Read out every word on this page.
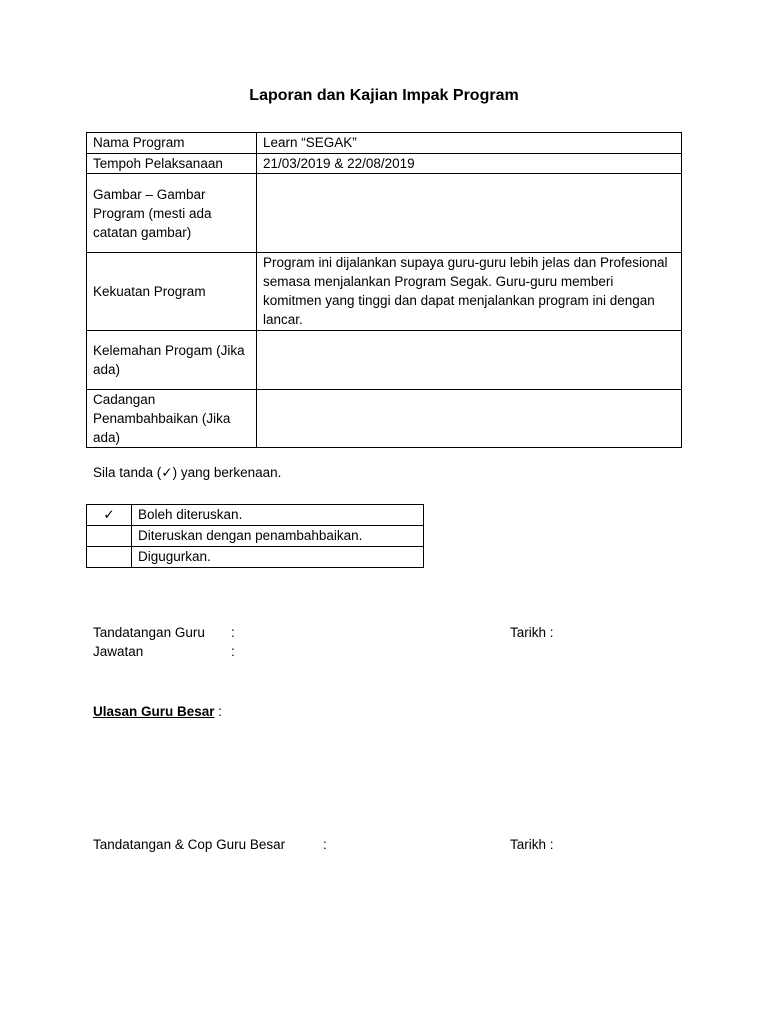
Laporan dan Kajian Impak Program
Nama Program	Learn “SEGAK”
Tempoh Pelaksanaan	21/03/2019 & 22/08/2019
Gambar – Gambar Program (mesti ada catatan gambar)	
Kekuatan Program	Program ini dijalankan supaya guru-guru lebih jelas dan Profesional semasa menjalankan Program Segak. Guru-guru memberi komitmen yang tinggi dan dapat menjalankan program ini dengan lancar.
Kelemahan Progam (Jika ada)	
Cadangan Penambahbaikan (Jika ada)	
Sila tanda (✓) yang berkenaan.
✓	Boleh diteruskan.
	Diteruskan dengan penambahbaikan.
	Digugurkan.
Tandatangan Guru :	Tarikh :
Jawatan	:
Ulasan Guru Besar :
Tandatangan & Cop Guru Besar	:	Tarikh :
